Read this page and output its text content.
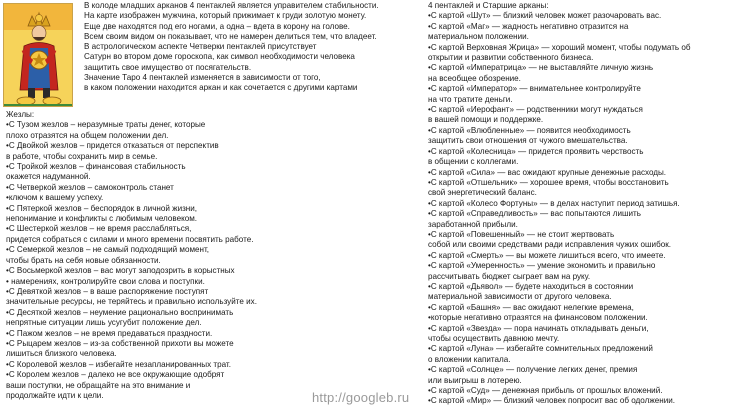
В колоде младших арканов 4 пентаклей является управителем стабильности.

На карте изображен мужчина, который прижимает к груди золотую монету.

Еще две находятся под его ногами, а одна – вдета в корону на голове.

Всем своим видом он показывает, что не намерен делиться тем, что владеет.

В астрологическом аспекте Четверки пентаклей присутствует

Сатурн во втором доме гороскопа, как символ необходимости человека

защитить свое имущество от посягательств.

Значение Таро 4 пентаклей изменяется в зависимости от того,

в каком положении находится аркан и как сочетается с другими картами

Жезлы:

•С Тузом жезлов – неразумные траты денег, которые

плохо отразятся на общем положении дел.

•С Двойкой жезлов – придется отказаться от перспектив

в работе, чтобы сохранить мир в семье.

•С Тройкой жезлов – финансовая стабильность

окажется надуманной.

•С Четверкой жезлов – самоконтроль станет

•ключом к вашему успеху.

•С Пятеркой жезлов – беспорядок в личной жизни,

непонимание и конфликты с любимым человеком.

•С Шестеркой жезлов – не время расслабляться,

придется собраться с силами и много времени посвятить работе.

•С Семеркой жезлов – не самый подходящий момент,

чтобы брать на себя новые обязанности.

•С Восьмеркой жезлов – вас могут заподозрить в корыстных

• намерениях, контролируйте свои слова и поступки.

•С Девяткой жезлов – в ваше распоряжение поступят

значительные ресурсы, не теряйтесь и правильно используйте их.

•С Десяткой жезлов – неумение рационально воспринимать

непрятные ситуации лишь усугубит положение дел.

•С Пажом жезлов – не время предаваться праздности.

•С Рыцарем жезлов – из-за собственной прихоти вы можете

лишиться близкого человека.

•С Королевой жезлов – избегайте незапланированных трат.

•С Королем жезлов – далеко не все окружающие одобрят

ваши поступки, не обращайте на это внимание и

продолжайте идти к цели.

4 пентаклей и Старшие арканы:

•С картой «Шут» — близкий человек может разочаровать вас.

•С картой «Маг» — жадность негативно отразится на

материальном положении.

•С картой Верховная Жрица» — хороший момент, чтобы подумать об

открытии и развитии собственного бизнеса.

•С картой «Императрица» — не выставляйте личную жизнь

на всеобщее обозрение.

•С картой «Император» — внимательнее контролируйте

на что тратите деньги.

•С картой «Иерофант» — родственники могут нуждаться

в вашей помощи и поддержке.

•С картой «Влюбленные» — появится необходимость

защитить свои отношения от чужого вмешательства.

•С картой «Колесница» — придется проявить черствость

в общении с коллегами.

•С картой «Сила» — вас ожидают крупные денежные расходы.

•С картой «Отшельник» — хорошее время, чтобы восстановить

свой энергетический баланс.

•С картой «Колесо Фортуны» — в делах наступит период затишья.

•С картой «Справедливость» — вас попытаются лишить

заработанной прибыли.

•С картой «Повешенный» — не стоит жертвовать

собой или своими средствами ради исправления чужих ошибок.

•С картой «Смерть» — вы можете лишиться всего, что имеете.

•С картой «Умеренность» — умение экономить и правильно

рассчитывать бюджет сыграет вам на руку.

•С картой «Дьявол» — будете находиться в состоянии

материальной зависимости от другого человека.

•С картой «Башня» — вас ожидают нелегкие времена,

•которые негативно отразятся на финансовом положении.

•С картой «Звезда» — пора начинать откладывать деньги,

чтобы осуществить давнюю мечту.

•С картой «Луна» — избегайте сомнительных предложений

о вложении капитала.

•С картой «Солнце» — получение легких денег, премия

или выигрыш в лотерею.

•С картой «Суд» — денежная прибыль от прошлых вложений.

•С картой «Мир» — близкий человек попросит вас об одолжении.

http://googleb.ru
